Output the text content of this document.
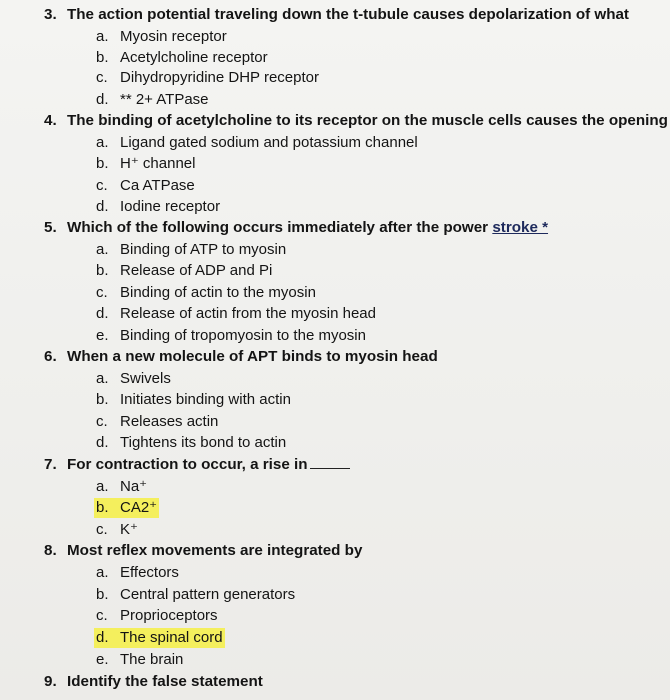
3. The action potential traveling down the t-tubule causes depolarization of what
a. Myosin receptor
b. Acetylcholine receptor
c. Dihydropyridine DHP receptor
d. ** 2+ ATPase
4. The binding of acetylcholine to its receptor on the muscle cells causes the opening
a. Ligand gated sodium and potassium channel
b. H⁺ channel
c. Ca ATPase
d. Iodine receptor
5. Which of the following occurs immediately after the power stroke *
a. Binding of ATP to myosin
b. Release of ADP and Pi
c. Binding of actin to the myosin
d. Release of actin from the myosin head
e. Binding of tropomyosin to the myosin
6. When a new molecule of APT binds to myosin head
a. Swivels
b. Initiates binding with actin
c. Releases actin
d. Tightens its bond to actin
7. For contraction to occur, a rise in
a. Na⁺
b. CA2⁺
c. K⁺
8. Most reflex movements are integrated by
a. Effectors
b. Central pattern generators
c. Proprioceptors
d. The spinal cord
e. The brain
9. Identify the false statement
